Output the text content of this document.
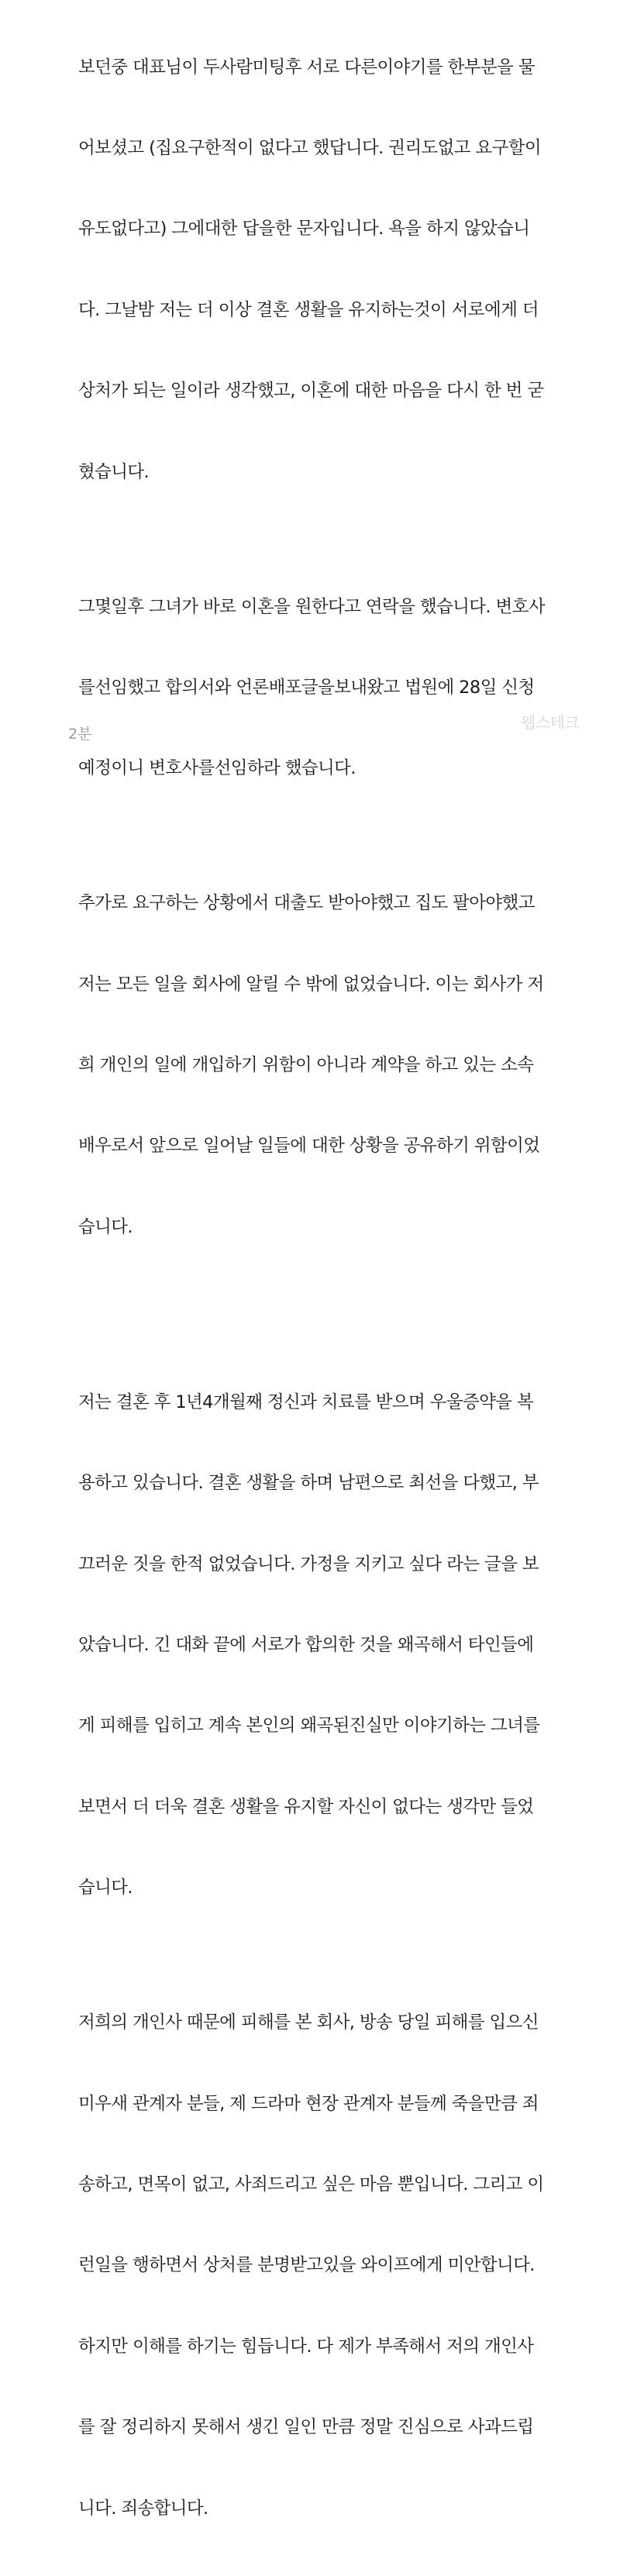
보던중 대표님이 두사람미팅후 서로 다른이야기를 한부분을 물

어보셨고 (집요구한적이 없다고 했답니다. 권리도없고 요구할이

유도없다고) 그에대한 답을한 문자입니다. 욕을 하지 않았습니

다. 그날밤 저는 더 이상 결혼 생활을 유지하는것이 서로에게 더

상처가 되는 일이라 생각했고, 이혼에 대한 마음을 다시 한 번 굳

혔습니다.

그몇일후 그녀가 바로 이혼을 원한다고 연락을 했습니다. 변호사

를선임했고 합의서와 언론배포글을보내왔고 법원에 28일 신청

예정이니 변호사를선임하라 했습니다.

추가로 요구하는 상황에서 대출도 받아야했고 집도 팔아야했고

저는 모든 일을 회사에 알릴 수 밖에 없었습니다. 이는 회사가 저

희 개인의 일에 개입하기 위함이 아니라 계약을 하고 있는 소속

배우로서 앞으로 일어날 일들에 대한 상황을 공유하기 위함이었

습니다.

저는 결혼 후 1년4개월째 정신과 치료를 받으며 우울증약을 복

용하고 있습니다. 결혼 생활을 하며 남편으로 최선을 다했고, 부

끄러운 짓을 한적 없었습니다. 가정을 지키고 싶다 라는 글을 보

았습니다. 긴 대화 끝에 서로가 합의한 것을 왜곡해서 타인들에

게 피해를 입히고 계속 본인의 왜곡된진실만 이야기하는 그녀를

보면서 더 더욱 결혼 생활을 유지할 자신이 없다는 생각만 들었

습니다.

저희의 개인사 때문에 피해를 본 회사, 방송 당일 피해를 입으신

미우새 관계자 분들, 제 드라마 현장 관계자 분들께 죽을만큼 죄

송하고, 면목이 없고, 사죄드리고 싶은 마음 뿐입니다. 그리고 이

런일을 행하면서 상처를 분명받고있을 와이프에게 미안합니다.

하지만 이해를 하기는 힘듭니다. 다 제가 부족해서 저의 개인사

를 잘 정리하지 못해서 생긴 일인 만큼 정말 진심으로 사과드립

니다. 죄송합니다.

웹스테크
2분
